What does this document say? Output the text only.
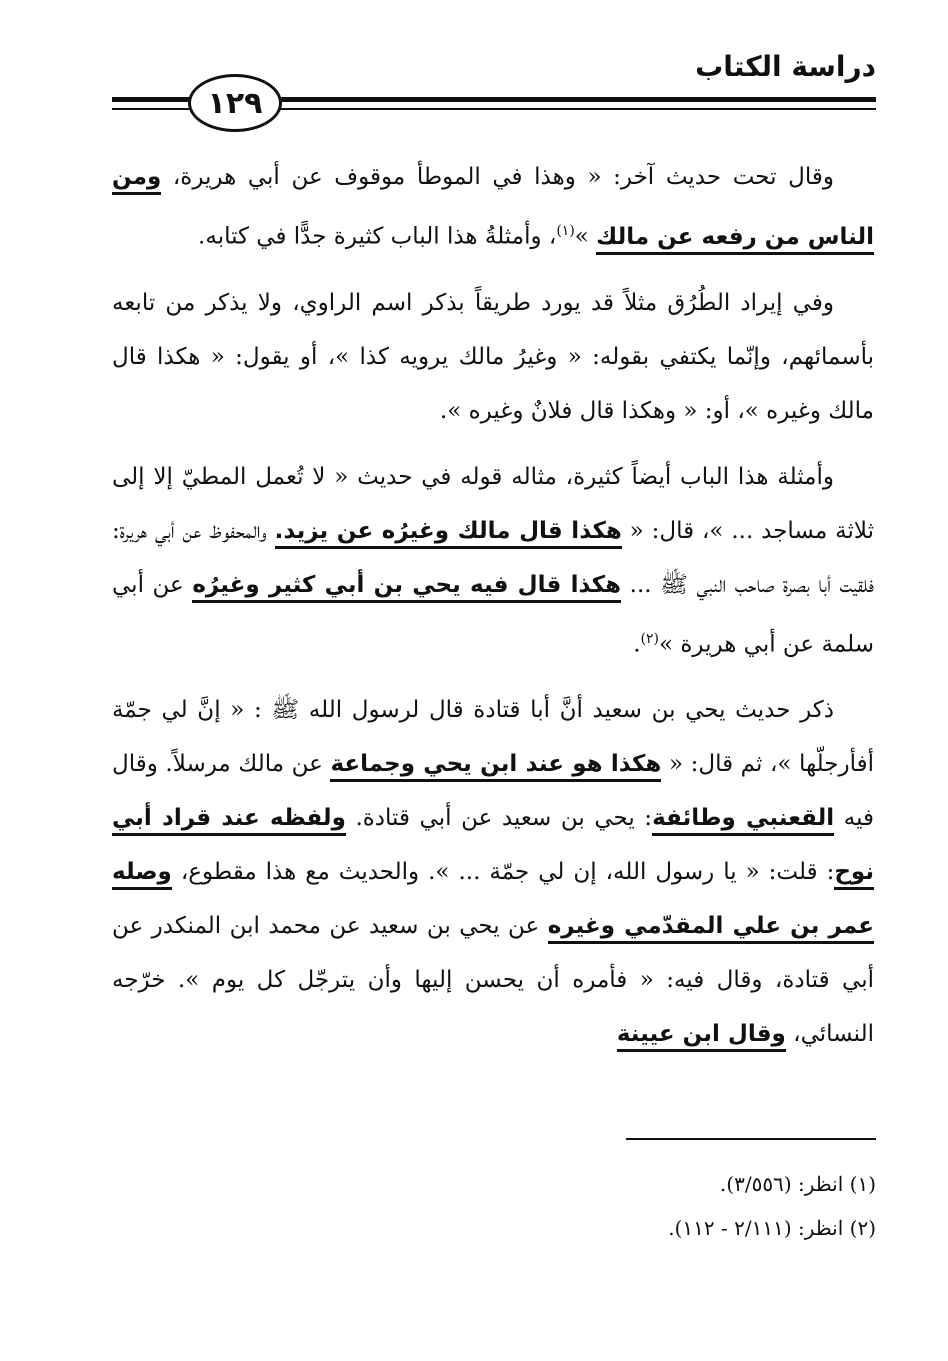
دراسة الكتاب
١٢٩

وقال تحت حديث آخر: « وهذا في الموطأ موقوف عن أبي هريرة، ومن الناس من رفعه عن مالك »$^{(١)}$، وأمثلةُ هذا الباب كثيرة جدًّا في كتابه.

وفي إيراد الطُرُق مثلاً قد يورد طريقاً بذكر اسم الراوي، ولا يذكر من تابعه بأسمائهم، وإنّما يكتفي بقوله: « وغيرُ مالك يرويه كذا »، أو يقول: « هكذا قال مالك وغيره »، أو: « وهكذا قال فلانٌ وغيره ».

وأمثلة هذا الباب أيضاً كثيرة، مثاله قوله في حديث « لا تُعمل المطيّ إلا إلى ثلاثة مساجد ... »، قال: « هكذا قال مالك وغيرُه عن يزيد. والمحفوظ عن أبي هريرة: فلقيت أبا بصرة صاحب النبي ﷺ ... هكذا قال فيه يحي بن أبي كثير وغيرُه عن أبي سلمة عن أبي هريرة »$^{(٢)}$.

ذكر حديث يحي بن سعيد أنَّ أبا قتادة قال لرسول الله ﷺ : « إنَّ لي جمّة أفأرجلّها »، ثم قال: « هكذا هو عند ابن يحي وجماعة عن مالك مرسلاً. وقال فيه القعنبي وطائفة: يحي بن سعيد عن أبي قتادة. ولفظه عند قراد أبي نوح: قلت: « يا رسول الله، إن لي جمّة ... ». والحديث مع هذا مقطوع، وصله عمر بن علي المقدّمي وغيره عن يحي بن سعيد عن محمد ابن المنكدر عن أبي قتادة، وقال فيه: « فأمره أن يحسن إليها وأن يترجّل كل يوم ». خرّجه النسائي، وقال ابن عيينة

(١) انظر: (٣/٥٥٦).
(٢) انظر: (٢/١١١ - ١١٢).
